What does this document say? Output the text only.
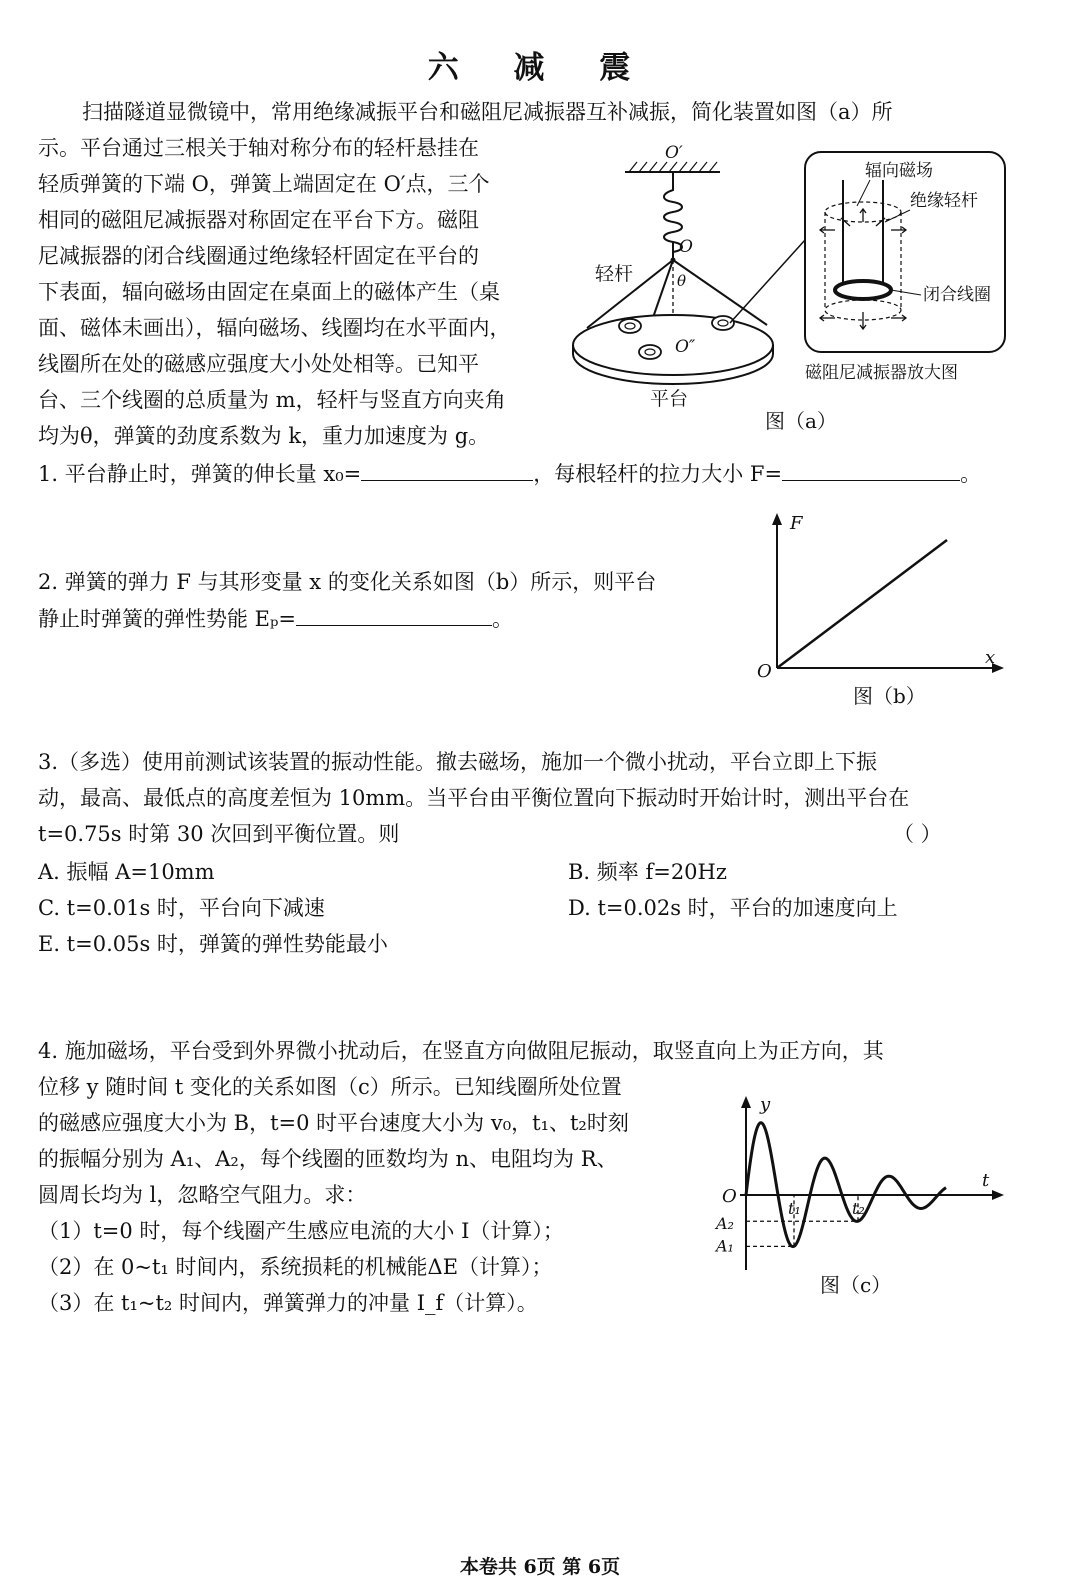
六 减 震
扫描隧道显微镜中，常用绝缘减振平台和磁阻尼减振器互补减振，简化装置如图（a）所
示。平台通过三根关于轴对称分布的轻杆悬挂在
轻质弹簧的下端 O，弹簧上端固定在 O′点，三个
相同的磁阻尼减振器对称固定在平台下方。磁阻
尼减振器的闭合线圈通过绝缘轻杆固定在平台的
下表面，辐向磁场由固定在桌面上的磁体产生（桌
面、磁体未画出），辐向磁场、线圈均在水平面内，
线圈所在处的磁感应强度大小处处相等。已知平
台、三个线圈的总质量为 m，轻杆与竖直方向夹角
均为θ，弹簧的劲度系数为 k，重力加速度为 g。
O′
O
θ
轻杆
O″
平台
辐向磁场
绝缘轻杆
闭合线圈
磁阻尼减振器放大图
图（a）
1. 平台静止时，弹簧的伸长量 x₀=	，每根轻杆的拉力大小 F=	。
2. 弹簧的弹力 F 与其形变量 x 的变化关系如图（b）所示，则平台
静止时弹簧的弹性势能 Eₚ=	。
F
x
O
图（b）
3.（多选）使用前测试该装置的振动性能。撤去磁场，施加一个微小扰动，平台立即上下振
动，最高、最低点的高度差恒为 10mm。当平台由平衡位置向下振动时开始计时，测出平台在
t=0.75s 时第 30 次回到平衡位置。则	（ ）
A. 振幅 A=10mm	B. 频率 f=20Hz
C. t=0.01s 时，平台向下减速	D. t=0.02s 时，平台的加速度向上
E. t=0.05s 时，弹簧的弹性势能最小
4. 施加磁场，平台受到外界微小扰动后，在竖直方向做阻尼振动，取竖直向上为正方向，其
位移 y 随时间 t 变化的关系如图（c）所示。已知线圈所处位置
的磁感应强度大小为 B，t=0 时平台速度大小为 v₀，t₁、t₂时刻
的振幅分别为 A₁、A₂，每个线圈的匝数均为 n、电阻均为 R、
圆周长均为 l，忽略空气阻力。求：
（1）t=0 时，每个线圈产生感应电流的大小 I（计算）；
（2）在 0~t₁ 时间内，系统损耗的机械能ΔE（计算）；
（3）在 t₁~t₂ 时间内，弹簧弹力的冲量 I_f（计算）。
y
t
O
A₁
A₂
t₁	t₂
图（c）
本卷共 6页 第 6页
